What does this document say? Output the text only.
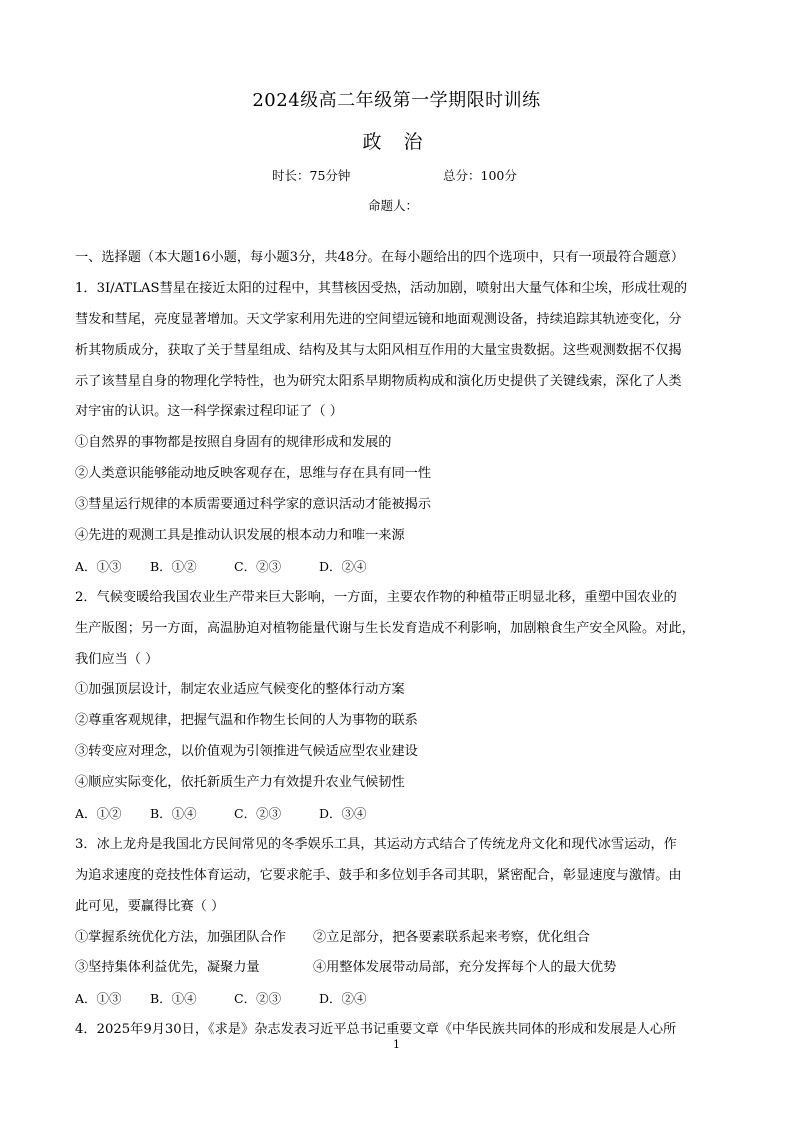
2024级高二年级第一学期限时训练
政 治
时长：75分钟	总分：100分
命题人：
一、选择题（本大题16小题，每小题3分，共48分。在每小题给出的四个选项中，只有一项最符合题意）
1．3I/ATLAS彗星在接近太阳的过程中，其彗核因受热，活动加剧，喷射出大量气体和尘埃，形成壮观的
彗发和彗尾，亮度显著增加。天文学家利用先进的空间望远镜和地面观测设备，持续追踪其轨迹变化，分
析其物质成分，获取了关于彗星组成、结构及其与太阳风相互作用的大量宝贵数据。这些观测数据不仅揭
示了该彗星自身的物理化学特性，也为研究太阳系早期物质构成和演化历史提供了关键线索，深化了人类
对宇宙的认识。这一科学探索过程印证了（ ）
①自然界的事物都是按照自身固有的规律形成和发展的
②人类意识能够能动地反映客观存在，思维与存在具有同一性
③彗星运行规律的本质需要通过科学家的意识活动才能被揭示
④先进的观测工具是推动认识发展的根本动力和唯一来源
A．①③	B．①②	C．②③	D．②④
2．气候变暖给我国农业生产带来巨大影响，一方面，主要农作物的种植带正明显北移，重塑中国农业的
生产版图；另一方面，高温胁迫对植物能量代谢与生长发育造成不利影响，加剧粮食生产安全风险。对此，
我们应当（ ）
①加强顶层设计，制定农业适应气候变化的整体行动方案
②尊重客观规律，把握气温和作物生长间的人为事物的联系
③转变应对理念，以价值观为引领推进气候适应型农业建设
④顺应实际变化，依托新质生产力有效提升农业气候韧性
A．①②	B．①④	C．②③	D．③④
3．冰上龙舟是我国北方民间常见的冬季娱乐工具，其运动方式结合了传统龙舟文化和现代冰雪运动，作
为追求速度的竞技性体育运动，它要求舵手、鼓手和多位划手各司其职，紧密配合，彰显速度与激情。由
此可见，要赢得比赛（ ）
①掌握系统优化方法，加强团队合作	②立足部分，把各要素联系起来考察，优化组合
③坚持集体利益优先，凝聚力量	④用整体发展带动局部，充分发挥每个人的最大优势
A．①③	B．①④	C．②③	D．②④
4．2025年9月30日，《求是》杂志发表习近平总书记重要文章《中华民族共同体的形成和发展是人心所
1
